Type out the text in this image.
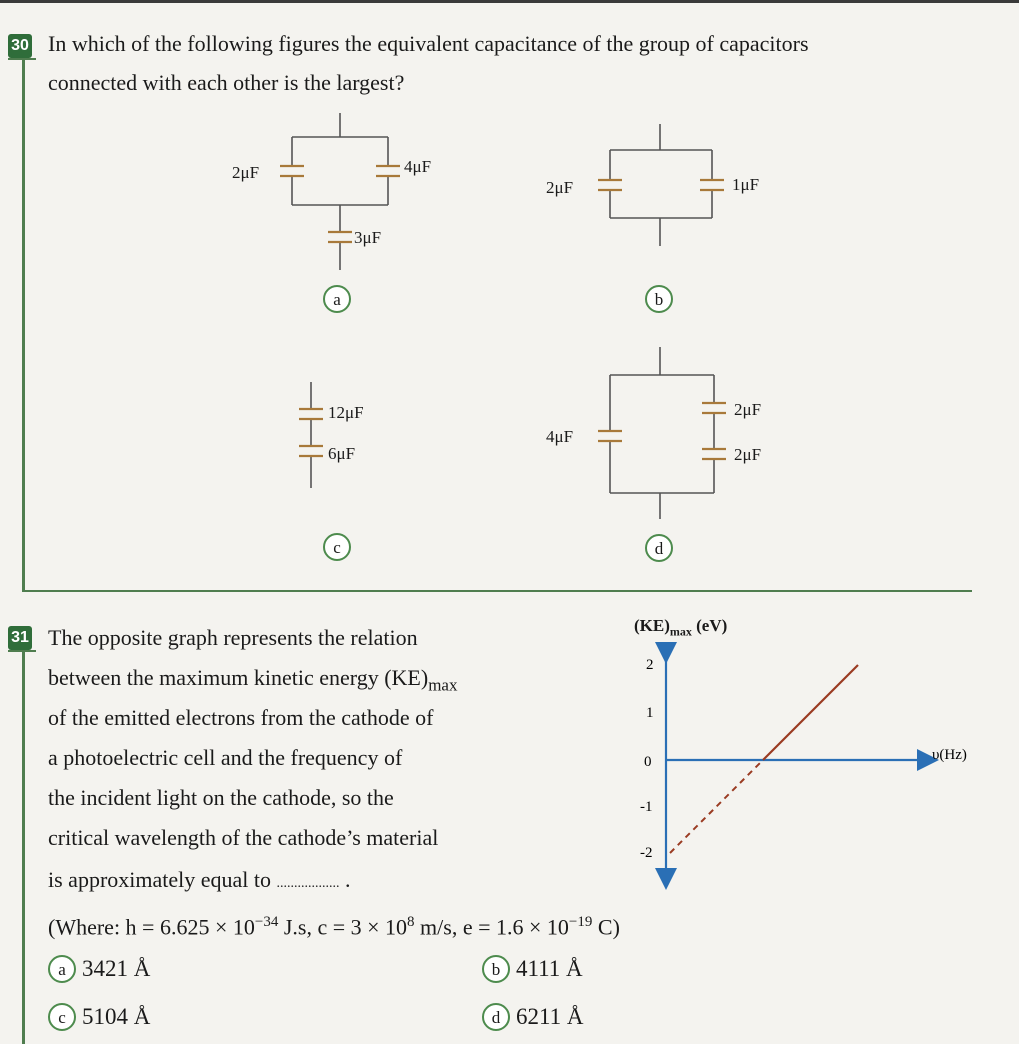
30 In which of the following figures the equivalent capacitance of the group of capacitors
connected with each other is the largest?
2μF	4μF
3μF
a
2μF	1μF
b
12μF
6μF
c
4μF
2μF
2μF
d
31 The opposite graph represents the relation
between the maximum kinetic energy $(KE)_{max}$
of the emitted electrons from the cathode of
a photoelectric cell and the frequency of
the incident light on the cathode, so the
critical wavelength of the cathode’s material
is approximately equal to .................. .
(Where: $h = 6.625 \times 10^{-34}$ J.s, $c = 3 \times 10^8$ m/s, $e = 1.6 \times 10^{-19}$ C)
$(KE)_{max}$ (eV)
2
1
0
-1
-2
υ(Hz)
a 3421 Å	b 4111 Å
c 5104 Å	d 6211 Å
